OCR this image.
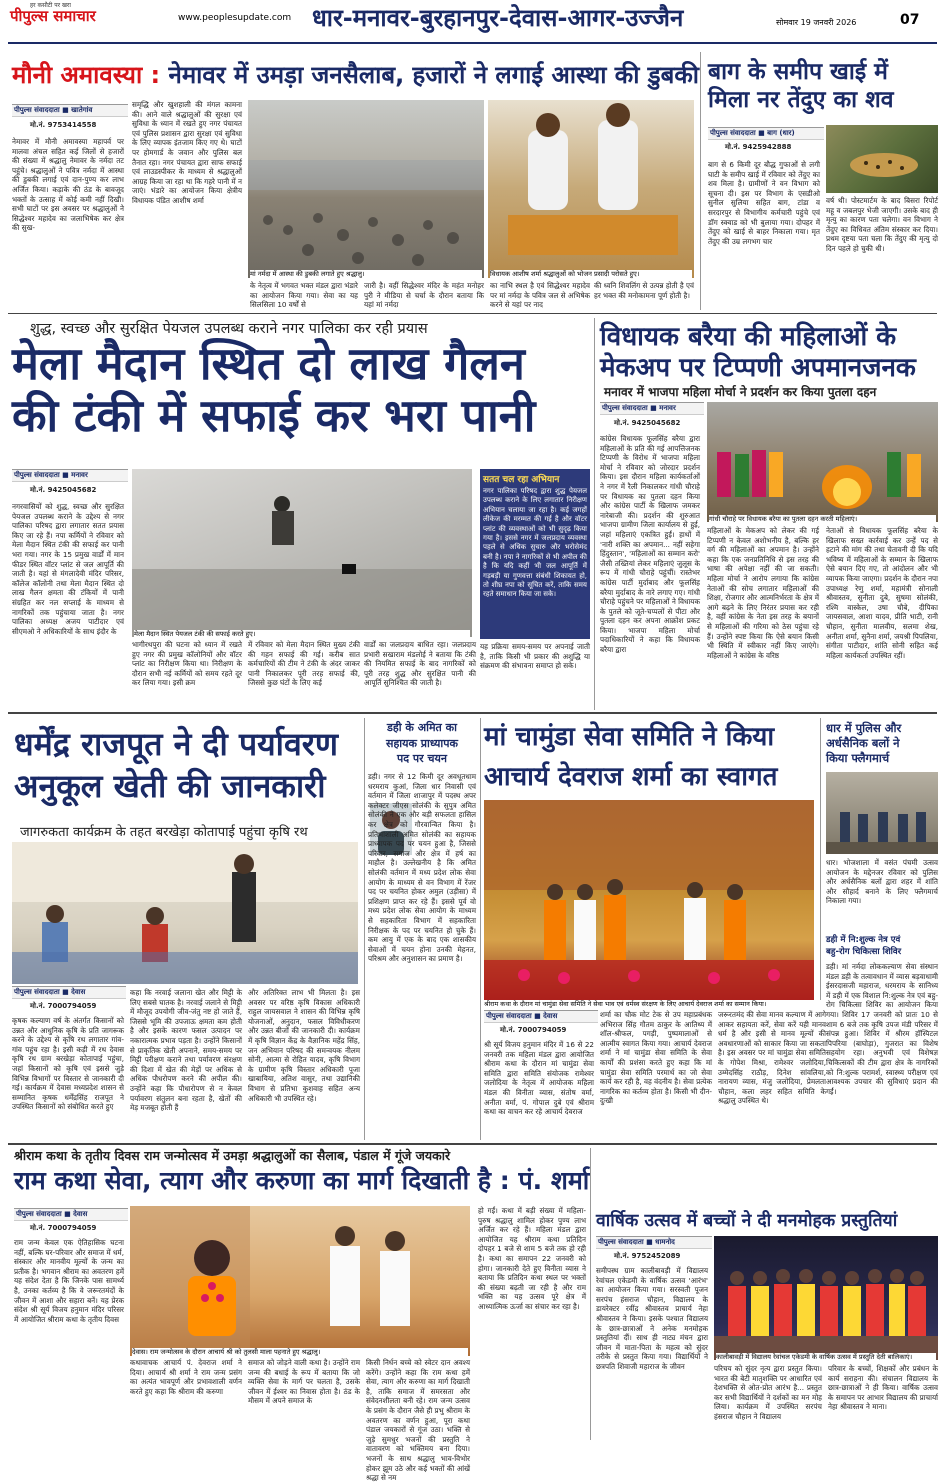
हर कसौटी पर खरा
पीपुल्स समाचार	www.peoplesupdate.com धार-मनावर-बुरहानपुर-देवास-आगर-उज्जैन	सोमवार 19 जनवरी 2026	07
मौनी अमावस्या : नेमावर में उमड़ा जनसैलाब, हजारों ने लगाई आस्था की डुबकी
पीपुल्स संवाददाता ■ खातेगांव
मो.नं. 9753414558
नेमावर में मौनी अमावस्या महापर्व पर मालवा अंचल सहित कई जिलों से हजारों की संख्या में श्रद्धालु नेमावर के नर्मदा तट पहुंचे। श्रद्धालुओं ने पवित्र नर्मदा में आस्था की डुबकी लगाई एवं दान-पुण्य कर लाभ अर्जित किया। कड़ाके की ठंड के बावजूद भक्तों के उत्साह में कोई कमी नहीं दिखी। सभी घाटों पर इस अवसर पर श्रद्धालुओं ने सिद्धेश्वर महादेव का जलाभिषेक कर क्षेत्र की सुख-
समृद्धि और खुशहाली की मंगल कामना की। आने वाले श्रद्धालुओं की सुरक्षा एवं सुविधा के ध्यान में रखते हुए नगर पंचायत एवं पुलिस प्रशासन द्वारा सुरक्षा एवं सुविधा के लिए व्यापक इंतजाम किए गए थे। घाटों पर होमगार्ड के जवान और पुलिस बल तैनात रहा। नगर पंचायत द्वारा साफ सफाई एवं लाउडस्पीकर के माध्यम से श्रद्धालुओं आग्रह किया जा रहा था कि गहरे पानी में न जाएं। भंडारे का आयोजन किया क्षेत्रीय विधायक पंडित आशीष शर्मा
मां नर्मदा में आस्था की डुबकी लगाते हुए श्रद्धालु।	विधायक आशीष शर्मा श्रद्धालुओं को भोजन प्रसादी परोसते हुए।
के नेतृत्व में भगवत भक्त मंडल द्वारा भंडारे का आयोजन किया गया। सेवा का यह सिलसिला 10 वर्षों से
जारी है। वहीं सिद्धेश्वर मंदिर के महंत मनोहर पुरी ने मीडिया से चर्चा के दौरान बताया कि यहां मां नर्मदा
का नाभि स्थल है एवं सिद्धेश्वर महादेव पर मां नर्मदा के पवित्र जल से अभिषेक करने से यहां पर नाद
की ध्वनि शिवलिंग से उत्पन्न होती है एवं हर भक्त की मनोकामना पूर्ण होती है।
बाग के समीप खाई में
मिला नर तेंदुए का शव
पीपुल्स संवाददाता ■ बाग (धार)
मो.नं. 9425942888
बाग से 6 किमी दूर बौद्ध गुफाओं से लगी घाटी के समीप खाई में रविवार को तेंदुए का शव मिला है। ग्रामीणों ने वन विभाग को सूचना दी। इस पर विभाग के एसडीओ सुनील सुलिया सहित बाग, टांडा व सरदारपुर से विभागीय कर्मचारी पहुंचे एवं डॉग स्क्वाड को भी बुलाया गया। दोपहर में तेंदुए को खाई से बाहर निकाला गया। मृत तेंदुए की उम्र लगभग चार
वर्ष थी। पोस्टमार्टम के बाद बिसरा रिपोर्ट महू व जबलपुर भेजी जाएगी। उसके बाद ही मृत्यु का कारण पता चलेगा। वन विभाग ने तेंदुए का विधिवत अंतिम संस्कार कर दिया। प्रथम दृष्टया पता चला कि तेंदुए की मृत्यु दो दिन पहले हो चुकी थी।
शुद्ध, स्वच्छ और सुरक्षित पेयजल उपलब्ध कराने नगर पालिका कर रही प्रयास
मेला मैदान स्थित दो लाख गैलन
की टंकी में सफाई कर भरा पानी
पीपुल्स संवाददाता ■ मनावर
मो.नं. 9425045682
नगरवासियों को शुद्ध, स्वच्छ और सुरक्षित पेयजल उपलब्ध कराने के उद्देश्य से नगर पालिका परिषद द्वारा लगातार सतत प्रयास किए जा रहे हैं। नपा कर्मियों ने रविवार को मेला मैदान स्थित टंकी की सफाई कर पानी भरा गया। नगर के 15 प्रमुख वार्डों में मान फीडर स्थित वॉटर प्लांट से जल आपूर्ति की जाती है। यहां से मंगलादेवी मंदिर परिसर, कॉलेज कॉलोनी तथा मेला मैदान स्थित दो लाख गैलन क्षमता की टंकियों में पानी संग्रहित कर नल सप्लाई के माध्यम से नागरिकों तक पहुंचाया जाता है। नगर पालिका अध्यक्ष अजय पाटीदार एवं सीएमओ ने अधिकारियों के साथ इंदौर के	मेला मैदान स्थित पेयजल टंकी की सफाई करते हुए।
भागीरथपुरा की घटना को ध्यान में रखते हुए नगर की प्रमुख कॉलोनियों और वॉटर प्लांट का निरीक्षण किया था। निरीक्षण के दौरान सभी नई कर्मियों को समय रहते दूर कर लिया गया। इसी क्रम
में रविवार को मेला मैदान स्थित मुख्य टंकी की गहन सफाई की गई। करीब सात कर्मचारियों की टीम ने टंकी के अंदर जाकर पानी निकालकर पूरी तरह सफाई की, जिससे कुछ घंटों के लिए कई
वार्डों का जलप्रदाय बाधित रहा। जलप्रदाय प्रभारी सखाराम मंडलोई ने बताया कि टंकी की नियमित सफाई के बाद नागरिकों को पूरी तरह शुद्ध और सुरक्षित पानी की आपूर्ति सुनिश्चित की जाती है।
सतत चल रहा अभियान
नगर पालिका परिषद द्वारा शुद्ध पेयजल उपलब्ध कराने के लिए लगातार निरीक्षण अभियान चलाया जा रहा है। कई जगहों लीकेज की मरम्मत की गई है और वॉटर प्लांट की व्यवस्थाओं को भी सुदृढ़ किया गया है। इससे नगर में जलप्रदाय व्यवस्था पहले से अधिक सुचारु और भरोसेमंद बनी है। नपा ने नागरिकों से भी अपील की है कि यदि कहीं भी जल आपूर्ति में गड़बड़ी या गुणवत्ता संबंधी शिकायत हो, तो शीघ्र नपा को सूचित करें, ताकि समय रहते समाधान किया जा सके।
यह प्रक्रिया समय-समय पर अपनाई जाती है, ताकि किसी भी प्रकार की अशुद्धि या संक्रमण की संभावना समाप्त हो सके।
विधायक बरैया की महिलाओं के
मेकअप पर टिप्पणी अपमानजनक
मनावर में भाजपा महिला मोर्चा ने प्रदर्शन कर किया पुतला दहन
पीपुल्स संवाददाता ■ मनावर
मो.नं. 9425045682
कांग्रेस विधायक फूलसिंह बरैया द्वारा महिलाओं के प्रति की गई आपत्तिजनक टिप्पणी के विरोध में भाजपा महिला मोर्चा ने रविवार को जोरदार प्रदर्शन किया। इस दौरान महिला कार्यकर्ताओं ने नगर में रैली निकालकर गांधी चौराहे पर विधायक का पुतला दहन किया और कांग्रेस पार्टी के खिलाफ जमकर नारेबाजी की। प्रदर्शन की शुरुआत भाजपा ग्रामीण जिला कार्यालय से हुई, जहां महिलाएं एकत्रित हुईं। हाथों में 'नारी शक्ति का अपमान... नहीं सहेगा हिंदुस्तान', 'महिलाओं का सम्मान करो' जैसी तख्तियां लेकर महिलाएं जुलूस के रूप में गांधी चौराहे पहुंचीं। रास्तेभर कांग्रेस पार्टी मुर्दाबाद और फूलसिंह बरैया मुर्दाबाद के नारे लगाए गए। गांधी चौराहे पहुंचने पर महिलाओं ने विधायक के पुतले को जूते-चप्पलों से पीटा और पुतला दहन कर अपना आक्रोश प्रकट किया। भाजपा महिला मोर्चा पदाधिकारियों ने कहा कि विधायक बरैया द्वारा
गांधी चौराहे पर विधायक बरैया का पुतला दहन करती महिलाएं।
महिलाओं के मेकअप को लेकर की गई टिप्पणी न केवल अशोभनीय है, बल्कि हर वर्ग की महिलाओं का अपमान है। उन्होंने कहा कि एक जनप्रतिनिधि से इस तरह की भाषा की अपेक्षा नहीं की जा सकती। महिला मोर्चा ने आरोप लगाया कि कांग्रेस नेताओं की सोच लगातार महिलाओं की शिक्षा, रोजगार और आत्मनिर्भरता के क्षेत्र में आगे बढ़ने के लिए निरंतर प्रयास कर रही है, वहीं कांग्रेस के नेता इस तरह के बयानों से महिलाओं की गरिमा को ठेस पहुंचा रहे हैं। उन्होंने स्पष्ट किया कि ऐसे बयान किसी भी स्थिति में स्वीकार नहीं किए जाएंगे। महिलाओं ने कांग्रेस के वरिष्ठ
नेताओं से विधायक फूलसिंह बरैया के खिलाफ सख्त कार्रवाई कर उन्हें पद से हटाने की मांग की तथा चेतावनी दी कि यदि भविष्य में महिलाओं के सम्मान के खिलाफ ऐसे बयान दिए गए, तो आंदोलन और भी व्यापक किया जाएगा। प्रदर्शन के दौरान नपा उपाध्यक्ष रेणु शर्मा, महामंत्री सोनाली श्रीवास्तव, सुनीता दुबे, सुषमा सोलंकी, रश्मि वास्केल, उषा चौबे, दीपिका जायसवाल, आशा यादव, प्रीति भाटी, रानी चौहान, सुनीता मालवीय, सलमा शेख, अनीता शर्मा, सुनैना शर्मा, जयश्री पिपलिया, संगीता पाटीदार, शांति सोनी सहित कई महिला कार्यकर्ता उपस्थित रहीं।
धर्मेंद्र राजपूत ने दी पर्यावरण
अनुकूल खेती की जानकारी
जागरुकता कार्यक्रम के तहत बरखेड़ा कोतापाई पहुंचा कृषि रथ
पीपुल्स संवाददाता ■ देवास
मो.नं. 7000794059
कृषक कल्याण वर्ष के अंतर्गत किसानों को उन्नत और आधुनिक कृषि के प्रति जागरूक करने के उद्देश्य से कृषि रथ लगातार गांव-गांव पहुंच रहा है। इसी कड़ी में रथ देवास कृषि रथ ग्राम बरखेड़ा कोतापाई पहुंचा, जहां किसानों को कृषि एवं इससे जुड़े विभिन्न विभागों पर विस्तार से जानकारी दी गई। कार्यक्रम में देवास मध्यप्रदेश शासन से सम्मानित कृषक धर्मेंद्रसिंह राजपूत ने उपस्थित किसानों को संबोधित करते हुए
कहा कि नरवाई जलाना खेत और मिट्टी के लिए सबसे घातक है। नरवाई जलाने से मिट्टी में मौजूद उपयोगी जीव-जंतु नष्ट हो जाते हैं, जिससे भूमि की उपजाऊ क्षमता कम होती है और इसके कारण फसल उत्पादन पर नकारात्मक प्रभाव पड़ता है। उन्होंने किसानों से प्राकृतिक खेती अपनाने, समय-समय पर मिट्टी परीक्षण कराने तथा पर्यावरण संरक्षण की दिशा में खेत की मेड़ों पर अधिक से अधिक पौधरोपण करने की अपील की। उन्होंने कहा कि पौधारोपण से न केवल पर्यावरण संतुलन बना रहता है, खेतों की मेड़ मजबूत होती हैं
और अतिरिक्त लाभ भी मिलता है। इस अवसर पर वरिष्ठ कृषि विकास अधिकारी राहुल जायसवाल ने शासन की विभिन्न कृषि योजनाओं, अनुदान, फसल विविधीकरण और उन्नत बीजों की जानकारी दी। कार्यक्रम में कृषि विज्ञान केंद्र के वैज्ञानिक महेंद्र सिंह, जन अभियान परिषद की समन्वयक नीलम सोनी, आत्मा से रोहित यादव, कृषि विभाग के ग्रामीण कृषि विस्तार अधिकारी पूजा खाबायिया, अतिश वासुर, तथा उद्यानिकी विभाग से प्रतिभा कुशवाह सहित अन्य अधिकारी भी उपस्थित रहे।
डही के अमित का
सहायक प्राध्यापक
पद पर चयन
डही। नगर से 12 किमी दूर अवधूतधाम धरमराय कुआं, जिला धार निवासी एवं वर्तमान में जिला शाजापुर में पदस्थ अपर कलेक्टर जीएस सोलंकी के सुपुत्र अमित सोलंकी ने एक और बड़ी सफलता हासिल कर क्षेत्र को गौरवान्वित किया है। प्रतिभाशाली अमित सोलंकी का सहायक प्राध्यापक पद पर चयन हुआ है, जिससे परिवार, समाज और क्षेत्र में हर्ष का माहौल है। उल्लेखनीय है कि अमित सोलंकी वर्तमान में मध्य प्रदेश लोक सेवा आयोग के माध्यम से वन विभाग में रेंजर पद पर चयनित होकर अमुल (उड़ीसा) में प्रशिक्षण प्राप्त कर रहे हैं। इससे पूर्व वो मध्य प्रदेश लोक सेवा आयोग के माध्यम से सहकारिता विभाग में सहकारिता निरीक्षक के पद पर चयनित हो चुके हैं। कम आयु में एक के बाद एक शासकीय सेवाओं में चयन होना उनकी मेहनत, परिश्रम और अनुशासन का प्रमाण है।
मां चामुंडा सेवा समिति ने किया
आचार्य देवराज शर्मा का स्वागत
श्रीराम कथा के दौरान मां चामुंडा सेवा समिति ने सेवा भाव एवं धर्मस्व संरक्षण के लिए आचार्य देवराज शर्मा का सम्मान किया।
पीपुल्स संवाददाता ■ देवास
मो.नं. 7000794059
श्री सूर्य विजय हनुमान मंदिर में 16 से 22 जनवरी तक महिला मंडल द्वारा आयोजित श्रीराम कथा के दौरान मां चामुंडा सेवा समिति द्वारा समिति संयोजक रामेश्वर जलोदिया के नेतृत्व में आयोजक महिला मंडल की विनीता व्यास, संतोष वर्मा, अनीता वर्मा, पं. गोपाल दुबे एवं श्रीराम कथा का वाचन कर रहे आचार्य देवराज
शर्मा का चौक मोट टेक से उप महाप्रबंधक अभिराज सिंह गौतम ठाकुर के आतिथ्य में शॉल-श्रीफल, पगड़ी, पुष्पमालाओं से आत्मीय स्वागत किया गया। आचार्य देवराज शर्मा ने मां चामुंडा सेवा समिति के सेवा कार्यों की प्रशंसा करते हुए कहा कि मां चामुंडा सेवा समिति परमार्थ का जो सेवा कार्य कर रही है, वह वंदनीय है। सेवा प्रत्येक नागरिक का कर्तव्य होता है। किसी भी दीन-दुःखी
जरूरतमंद की सेवा मानव कल्याण में आगे आकर सहायता करें, सेवा करें यही मानव धर्म है और इसी से मानव मूल्यों की अवधारणाओं को साकार किया जा सकता है। इस अवसर पर मां चामुंडा सेवा समिति के गोपेश मिश्रा, रामेश्वर जलोदिया, उम्मेदसिंह राठौड़, दिनेश सांवलिया, नारायण व्यास, मंजु जलोदिया, प्रेमलता चौहान, कला लहर सहित समिति के श्रद्धालु उपस्थित थे।
धार में पुलिस और
अर्धसैनिक बलों ने
किया फ्लैगमार्च
धार। भोजशाला में वसंत पंचमी उत्सव आयोजन के मद्देनजर रविवार को पुलिस और अर्धसैनिक बलों द्वारा शहर में शांति और सौहार्द बनाने के लिए फ्लैगमार्च निकाला गया।
डही में नि:शुल्क नेत्र एवं
बहु-रोग चिकित्सा शिविर
डही। मां नर्मदा लोककल्याण सेवा संस्थान मंडल डही के तत्वावधान में व्यास बड़वाधामी ईसरदासजी महाराज, धरमराय के सानिध्य में डही में एक विशाल नि:शुल्क नेत्र एवं बहु-रोग चिकित्सा शिविर का आयोजन किया गया। शिविर 17 जनवरी को प्रातः 10 से शाम 6 बजे तक कृषि उपज मंडी परिसर में संपन्न हुआ। शिविर में श्रीरम हॉस्पिटल पिपरिया (बाघोड़ा), गुजरात का विशेष सहयोग रहा। अनुभवी एवं विशेषज्ञ चिकित्सकों की टीम द्वारा क्षेत्र के नागरिकों को नि:शुल्क परामर्श, स्वास्थ्य परीक्षण एवं आवश्यक उपचार की सुविधाएं प्रदान की गईं।
श्रीराम कथा के तृतीय दिवस राम जन्मोत्सव में उमड़ा श्रद्धालुओं का सैलाब, पंडाल में गूंजे जयकारे
राम कथा सेवा, त्याग और करुणा का मार्ग दिखाती है : पं. शर्मा
पीपुल्स संवाददाता ■ देवास
मो.नं. 7000794059
राम जन्म केवल एक ऐतिहासिक घटना नहीं, बल्कि घर-परिवार और समाज में धर्म, संस्कार और मानवीय मूल्यों के जन्म का प्रतीक है। भगवान श्रीराम का अवतरण हमें यह संदेश देता है कि जिनके पास सामर्थ्य है, उनका कर्तव्य है कि वे जरूरतमंदों के जीवन में आशा और सहारा बनें। यह प्रेरक संदेश श्री सूर्य विजय हनुमान मंदिर परिसर में आयोजित श्रीराम कथा के तृतीय दिवस
देवास। राम जन्मोत्सव के दौरान आचार्य श्री को तुलसी माला पहनाते हुए श्रद्धालु।
कथावाचक आचार्य पं. देवराज शर्मा ने दिया। आचार्य श्री शर्मा ने राम जन्म प्रसंग का अत्यंत भावपूर्ण और प्रभावशाली वर्णन करते हुए कहा कि श्रीराम की करुणा
समाज को जोड़ने वाली कथा है। उन्होंने राम जन्म की बधाई के रूप में बताया कि जो व्यक्ति सेवा के मार्ग पर चलता है, उसके जीवन में ईश्वर का निवास होता है। ठंड के मौसम में अपने समाज के
किसी निर्धन बच्चे को स्वेटर दान अवश्य करेंगे। उन्होंने कहा कि राम कथा हमें सेवा, त्याग और करुणा का मार्ग दिखाती है, ताकि समाज में समरसता और संवेदनशीलता बनी रहे। राम जन्म उत्सव के प्रसंग के दौरान जैसे ही प्रभु श्रीराम के अवतरण का वर्णन हुआ, पूरा कथा पंडाल जयकारों से गूंज उठा। भक्ति से जुड़े सुमधुर भजनों की प्रस्तुति ने वातावरण को भक्तिमय बना दिया। भजनों के साथ श्रद्धालु भाव-विभोर होकर झूम उठे और कई भक्तों की आंखें श्रद्धा से नम
हो गईं। कथा में बड़ी संख्या में महिला-पुरुष श्रद्धालु शामिल होकर पुण्य लाभ अर्जित कर रहे हैं। महिला मंडल द्वारा आयोजित यह श्रीराम कथा प्रतिदिन दोपहर 1 बजे से शाम 5 बजे तक हो रही है। कथा का समापन 22 जनवरी को होगा। जानकारी देते हुए विनीता व्यास ने बताया कि प्रतिदिन कथा स्थल पर भक्तों की संख्या बढ़ती जा रही है और राम भक्ति का यह उत्सव पूरे क्षेत्र में आध्यात्मिक ऊर्जा का संचार कर रहा है।
वार्षिक उत्सव में बच्चों ने दी मनमोहक प्रस्तुतियां
पीपुल्स संवाददाता ■ धामनोद
मो.नं. 9752452089
समीपस्थ ग्राम कालीबावड़ी में विद्यालय रेवांचल एकेडमी के वार्षिक उत्सव 'आरंभ' का आयोजन किया गया। सरस्वती पूजन सरपंच हंसराज चौहान, विद्यालय के डायरेक्टर रवींद्र श्रीवास्तव प्राचार्य नेहा श्रीवास्तव ने किया। इसके पश्चात विद्यालय के छात्र-छात्राओं ने अनेक मनमोहक प्रस्तुतियां दीं। साथ ही नाट्य मंचन द्वारा जीवन में माता-पिता के महत्व को सुंदर तरीके से प्रस्तुत किया गया। विद्यार्थियों ने छत्रपति शिवाजी महाराज के जीवन
कालीबावड़ी में विद्यालय रेवांचल एकेडमी के वार्षिक उत्सव में प्रस्तुति देती बालिकाएं।
परिचय को सुंदर नृत्य द्वारा प्रस्तुत किया। भारत की बेटी मातृशक्ति पर आधारित एवं देशभक्ति से ओत-प्रोत आरंभ है... प्रस्तुत कर सभी विद्यार्थियों ने दर्शकों का मन मोह लिया। कार्यक्रम में उपस्थित सरपंच हंसराज चौहान ने विद्यालय
परिवार के बच्चों, शिक्षकों और प्रबंधन के कार्य सराहना की। संचालन विद्यालय के छात्र-छात्राओं ने ही किया। वार्षिक उत्सव के समापन पर आभार विद्यालय की प्राचार्या नेहा श्रीवास्तव ने माना।
